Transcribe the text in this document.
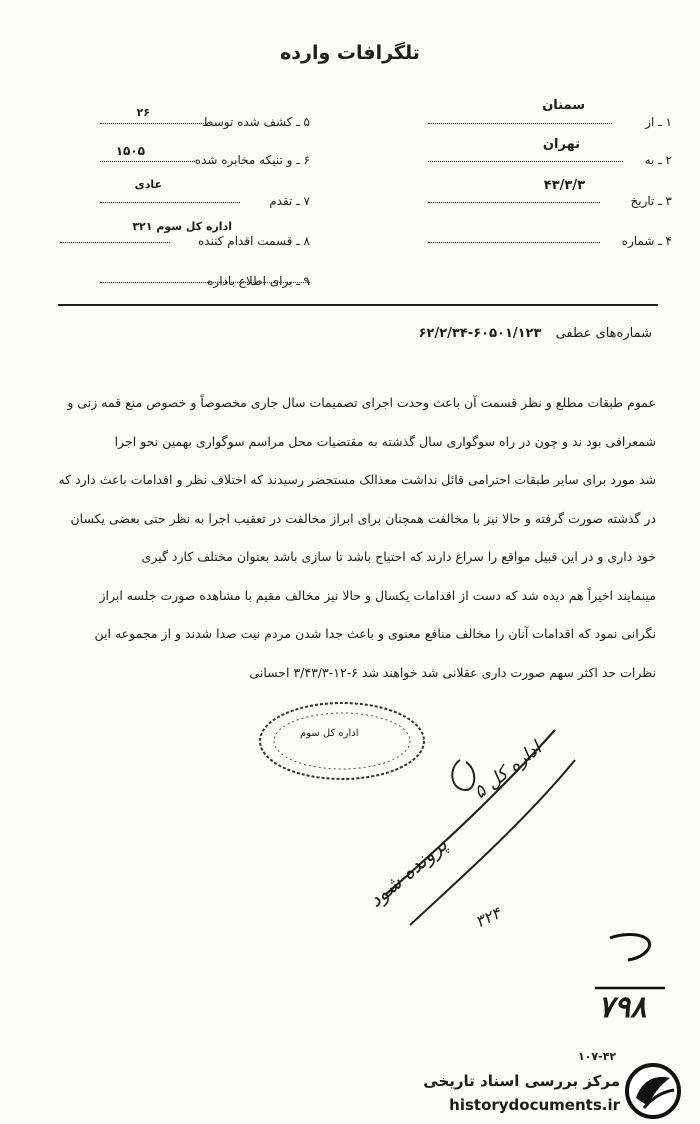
تلگرافات وارده
۱ ـ از
سمنان
۲ ـ به
تهران
۳ ـ تاریخ
۴۳/۳/۳
۴ ـ شماره
۵ ـ کشف شده توسط
۲۶
۶ ـ و تنیکه مخابره شده
۱۵۰۵
۷ ـ تقدم
عادی
۸ ـ قسمت اقدام کننده
اداره کل سوم ۳۲۱
۹ ـ برای اطلاع باداره
شماره‌های عطفی ۶۰۵۰۱/۱۲۳-۶۲/۲/۳۴
عموم طبقات مطلع و نظر قسمت آن باعث وحدت اجرای تصمیمات سال جاری مخصوصاً و خصوص منع قمه زنی و
شمعرافی بود ند و چون در راه سوگواری سال گذشته به مقتضیات محل مراسم سوگواری بهمین نحو اجرا
شد مورد برای سایر طبقات احترامی قائل نداشت معذالک مستحضر رسیدند که اختلاف نظر و اقدامات باعث دارد که
در گذشته صورت گرفته و حالا نیز با مخالفت همچنان برای ابراز مخالفت در تعقیب اجرا به نظر حتی بعضی یکسان
خود داری و در این قبیل مواقع را سراغ دارند که احتیاج باشد تا سازی باشد بعنوان مختلف کارد گیری
مینمایند اخیراً هم دیده شد که دست از اقدامات یکسال و حالا نیز مخالف مقیم با مشاهده صورت جلسه ابراز
نگرانی نمود که اقدامات آنان را مخالف منافع معنوی و باعث جدا شدن مردم نیت صدا شدند و از مجموعه این
نظرات حد اکثر سهم صورت داری عقلانی شد خواهند شد ۶-۱۲-۳/۴۳/۳ احسانی
اداره کل سوم
اداره کل ۵
پرونده شود
۳۲۴
۷۹۸
۱۰۷-۴۲
مرکز بررسی اسناد تاریخی
historydocuments.ir
